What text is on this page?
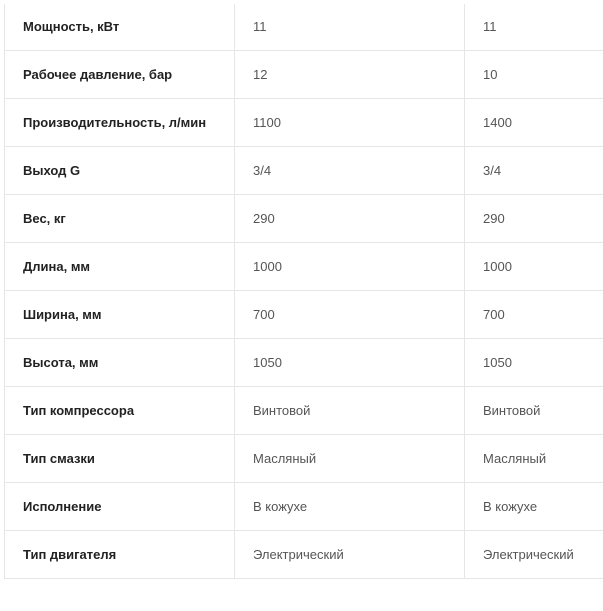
Мощность, кВт	11	11
Рабочее давление, бар	12	10
Производительность, л/мин	1100	1400
Выход G	3/4	3/4
Вес, кг	290	290
Длина, мм	1000	1000
Ширина, мм	700	700
Высота, мм	1050	1050
Тип компрессора	Винтовой	Винтовой
Тип смазки	Масляный	Масляный
Исполнение	В кожухе	В кожухе
Тип двигателя	Электрический	Электрический
